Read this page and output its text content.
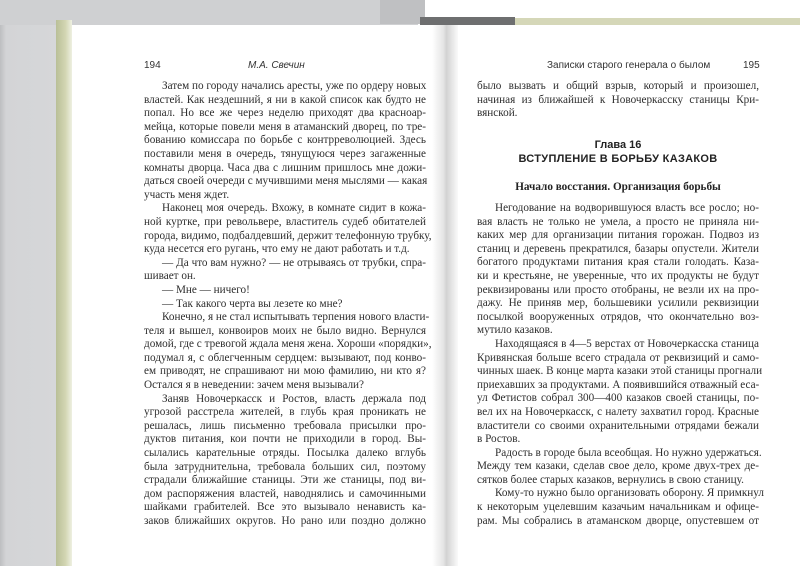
194	М.А. Свечин	Записки старого генерала о былом	195
Затем по городу начались аресты, уже по ордеру новых
властей. Как нездешний, я ни в какой список как будто не
попал. Но все же через неделю приходят два красноар-
мейца, которые повели меня в атаманский дворец, по тре-
бованию комиссара по борьбе с контрреволюцией. Здесь
поставили меня в очередь, тянущуюся через загаженные
комнаты дворца. Часа два с лишним пришлось мне дожи-
даться своей очереди с мучившими меня мыслями — какая
участь меня ждет.
Наконец моя очередь. Вхожу, в комнате сидит в кожа-
ной куртке, при револьвере, властитель судеб обитателей
города, видимо, подбалдевший, держит телефонную трубку,
куда несется его ругань, что ему не дают работать и т.д.
— Да что вам нужно? — не отрываясь от трубки, спра-
шивает он.
— Мне — ничего!
— Так какого черта вы лезете ко мне?
Конечно, я не стал испытывать терпения нового власти-
теля и вышел, конвоиров моих не было видно. Вернулся
домой, где с тревогой ждала меня жена. Хороши «порядки»,
подумал я, с облегченным сердцем: вызывают, под конво-
ем приводят, не спрашивают ни мою фамилию, ни кто я?
Остался я в неведении: зачем меня вызывали?
Заняв Новочеркасск и Ростов, власть держала под
угрозой расстрела жителей, в глубь края проникать не
решалась, лишь письменно требовала присылки про-
дуктов питания, кои почти не приходили в город. Вы-
сылались карательные отряды. Посылка далеко вглубь
была затруднительна, требовала больших сил, поэтому
страдали ближайшие станицы. Эти же станицы, под ви-
дом распоряжения властей, наводнялись и самочинными
шайками грабителей. Все это вызывало ненависть ка-
заков ближайших округов. Но рано или поздно должно
было вызвать и общий взрыв, который и произошел,
начиная из ближайшей к Новочеркасску станицы Кри-
вянской.
Глава 16
ВСТУПЛЕНИЕ В БОРЬБУ КАЗАКОВ
Начало восстания. Организация борьбы
Негодование на водворившуюся власть все росло; но-
вая власть не только не умела, а просто не приняла ни-
каких мер для организации питания горожан. Подвоз из
станиц и деревень прекратился, базары опустели. Жители
богатого продуктами питания края стали голодать. Каза-
ки и крестьяне, не уверенные, что их продукты не будут
реквизированы или просто отобраны, не везли их на про-
дажу. Не приняв мер, большевики усилили реквизиции
посылкой вооруженных отрядов, что окончательно воз-
мутило казаков.
Находящаяся в 4—5 верстах от Новочеркасска станица
Кривянская больше всего страдала от реквизиций и само-
чинных шаек. В конце марта казаки этой станицы прогнали
приехавших за продуктами. А появившийся отважный еса-
ул Фетистов собрал 300—400 казаков своей станицы, по-
вел их на Новочеркасск, с налету захватил город. Красные
властители со своими охранительными отрядами бежали
в Ростов.
Радость в городе была всеобщая. Но нужно удержаться.
Между тем казаки, сделав свое дело, кроме двух-трех де-
сятков более старых казаков, вернулись в свою станицу.
Кому-то нужно было организовать оборону. Я примкнул
к некоторым уцелевшим казачьим начальникам и офице-
рам. Мы собрались в атаманском дворце, опустевшем от
